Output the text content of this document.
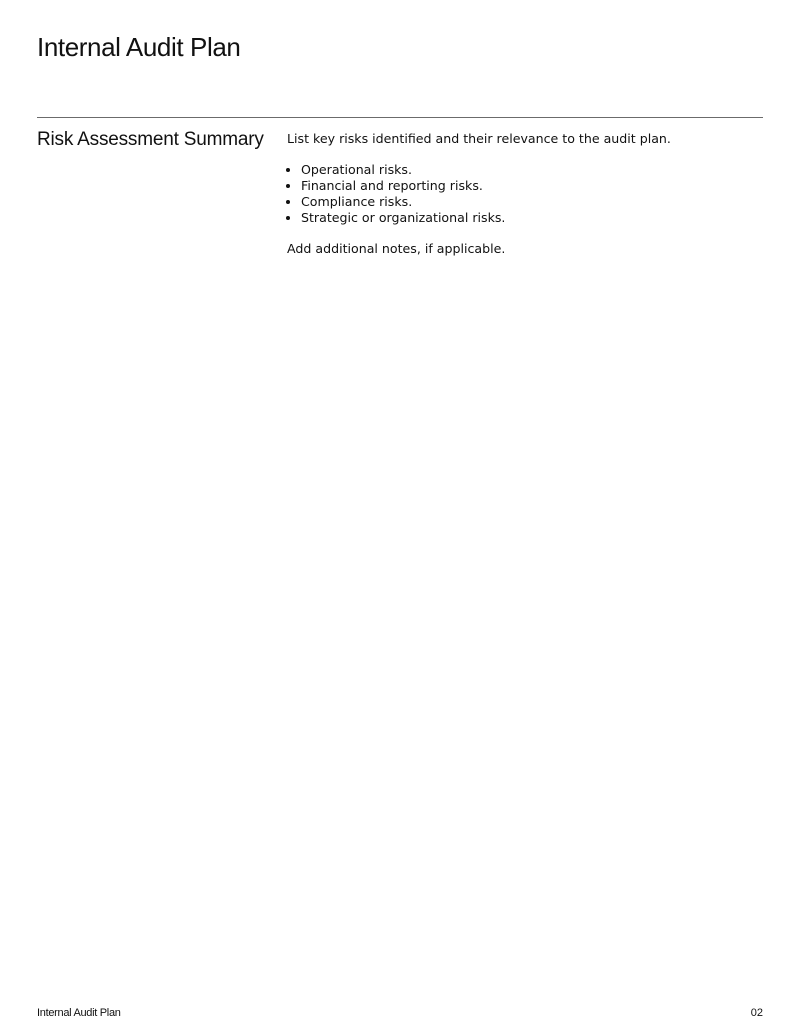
Internal Audit Plan
Risk Assessment Summary List key risks identified and their relevance to the audit plan.

• Operational risks.
• Financial and reporting risks.
• Compliance risks.
• Strategic or organizational risks.

Add additional notes, if applicable.

Internal Audit Plan	02
